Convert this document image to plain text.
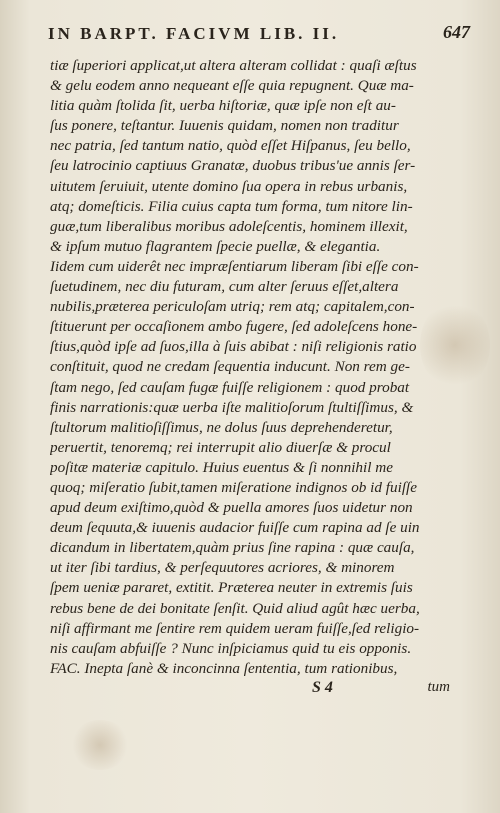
IN BARPT. FACIVM LIB. II.	647
tiæ ſuperiori applicat,ut altera alteram collidat : quaſi æſtus
& gelu eodem anno nequeant eſſe quia repugnent. Quæ ma-
litia quàm ſtolida ſit, uerba hiſtoriæ, quæ ipſe non eſt au-
ſus ponere, teſtantur. Iuuenis quidam, nomen non traditur
nec patria, ſed tantum natio, quòd eſſet Hiſpanus, ſeu bello,
ſeu latrocinio captiuus Granatæ, duobus tribus'ue annis ſer-
uitutem ſeruiuit, utente domino ſua opera in rebus urbanis,
atq; domeſticis. Filia cuius capta tum forma, tum nitore lin-
guæ,tum liberalibus moribus adoleſcentis, hominem illexit,
& ipſum mutuo flagrantem ſpecie puellæ, & elegantia.
Iidem cum uiderêt nec impræſentiarum liberam ſibi eſſe con-
ſuetudinem, nec diu futuram, cum alter ſeruus eſſet,altera
nubilis,præterea periculoſam utriq; rem atq; capitalem,con-
ſtituerunt per occaſionem ambo fugere, ſed adoleſcens hone-
ſtius,quòd ipſe ad ſuos,illa à ſuis abibat : niſi religionis ratio
conſtituit, quod ne credam ſequentia inducunt. Non rem ge-
ſtam nego, ſed cauſam fugæ fuiſſe religionem : quod probat
finis narrationis:quæ uerba iſte malitioſorum ſtultiſſimus, &
ſtultorum malitioſiſſimus, ne dolus ſuus deprehenderetur,
peruertit, tenoremq; rei interrupit alio diuerſæ & procul
poſitæ materiæ capitulo. Huius euentus & ſi nonnihil me
quoq; miſeratio ſubit,tamen miſeratione indignos ob id fuiſſe
apud deum exiſtimo,quòd & puella amores ſuos uidetur non
deum ſequuta,& iuuenis audacior fuiſſe cum rapina ad ſe uin
dicandum in libertatem,quàm prius ſine rapina : quæ cauſa,
ut iter ſibi tardius, & perſequutores acriores, & minorem
ſpem ueniæ pararet, extitit. Præterea neuter in extremis ſuis
rebus bene de dei bonitate ſenſit. Quid aliud agût hæc uerba,
niſi affirmant me ſentire rem quidem ueram fuiſſe,ſed religio-
nis cauſam abfuiſſe ? Nunc inſpiciamus quid tu eis opponis.
FAC. Inepta ſanè & inconcinna ſententia, tum rationibus,
S 4	tum
